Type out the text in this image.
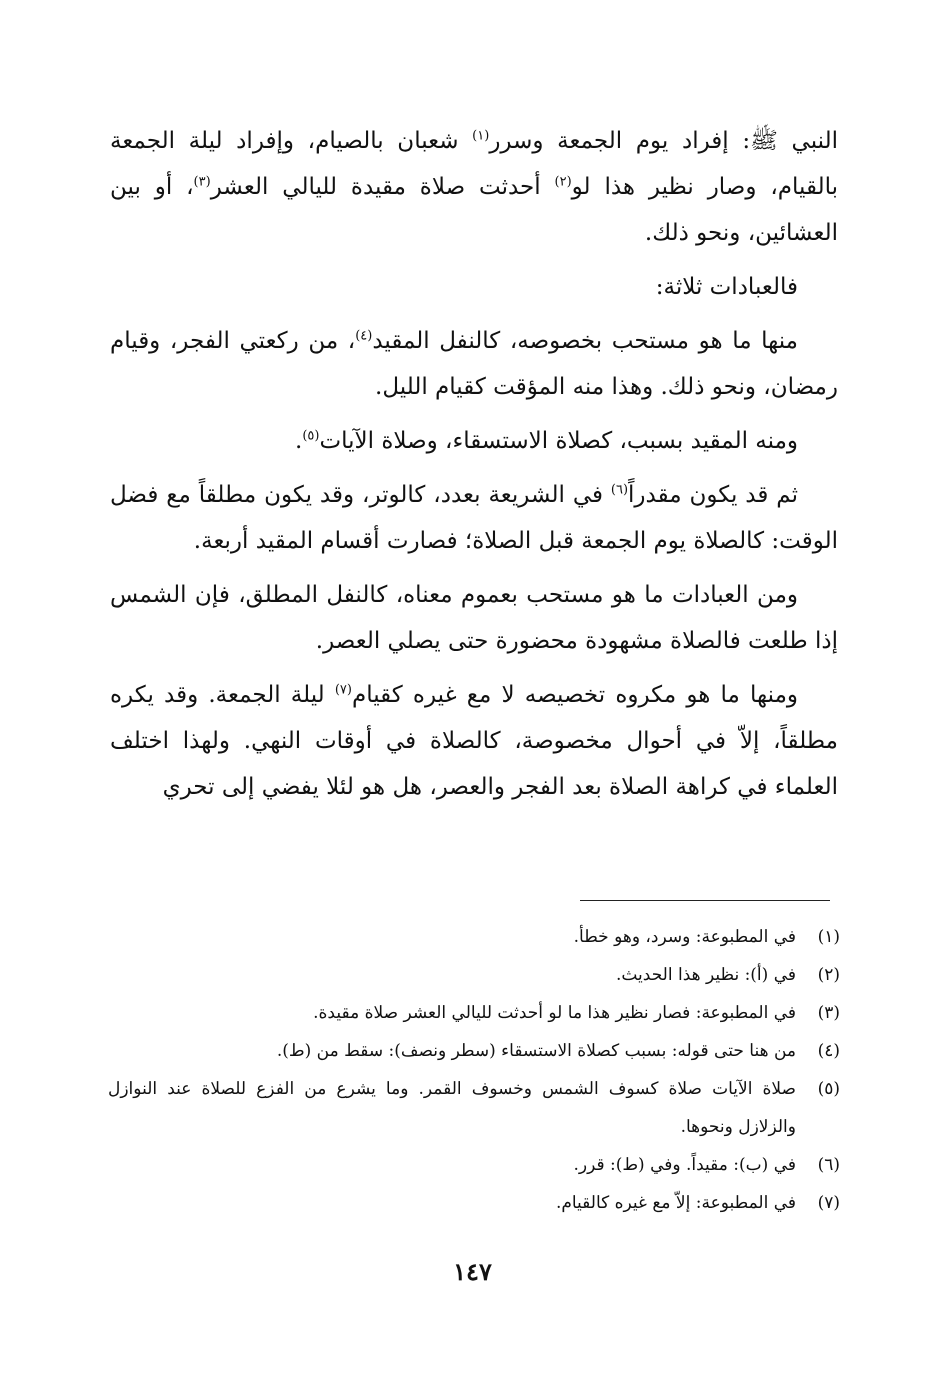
النبي ﷺ: إفراد يوم الجمعة وسرر$^{(١)}$ شعبان بالصيام، وإفراد ليلة الجمعة بالقيام، وصار نظير هذا لو$^{(٢)}$ أحدثت صلاة مقيدة لليالي العشر$^{(٣)}$، أو بين العشائين، ونحو ذلك.

فالعبادات ثلاثة:

منها ما هو مستحب بخصوصه، كالنفل المقيد$^{(٤)}$، من ركعتي الفجر، وقيام رمضان، ونحو ذلك. وهذا منه المؤقت كقيام الليل.

ومنه المقيد بسبب، كصلاة الاستسقاء، وصلاة الآيات$^{(٥)}$.

ثم قد يكون مقدراً$^{(٦)}$ في الشريعة بعدد، كالوتر، وقد يكون مطلقاً مع فضل الوقت: كالصلاة يوم الجمعة قبل الصلاة؛ فصارت أقسام المقيد أربعة.

ومن العبادات ما هو مستحب بعموم معناه، كالنفل المطلق، فإن الشمس إذا طلعت فالصلاة مشهودة محضورة حتى يصلي العصر.

ومنها ما هو مكروه تخصيصه لا مع غيره كقيام$^{(٧)}$ ليلة الجمعة. وقد يكره مطلقاً، إلاّ في أحوال مخصوصة، كالصلاة في أوقات النهي. ولهذا اختلف العلماء في كراهة الصلاة بعد الفجر والعصر، هل هو لئلا يفضي إلى تحري

(١)
في المطبوعة: وسرد، وهو خطأ.
(٢)
في (أ): نظير هذا الحديث.
(٣)
في المطبوعة: فصار نظير هذا ما لو أحدثت لليالي العشر صلاة مقيدة.
(٤)
من هنا حتى قوله: بسبب كصلاة الاستسقاء (سطر ونصف): سقط من (ط).
(٥)
صلاة الآيات صلاة كسوف الشمس وخسوف القمر. وما يشرع من الفزع للصلاة عند النوازل والزلازل ونحوها.
(٦)
في (ب): مقيداً. وفي (ط): قرر.
(٧)
في المطبوعة: إلاّ مع غيره كالقيام.
١٤٧
